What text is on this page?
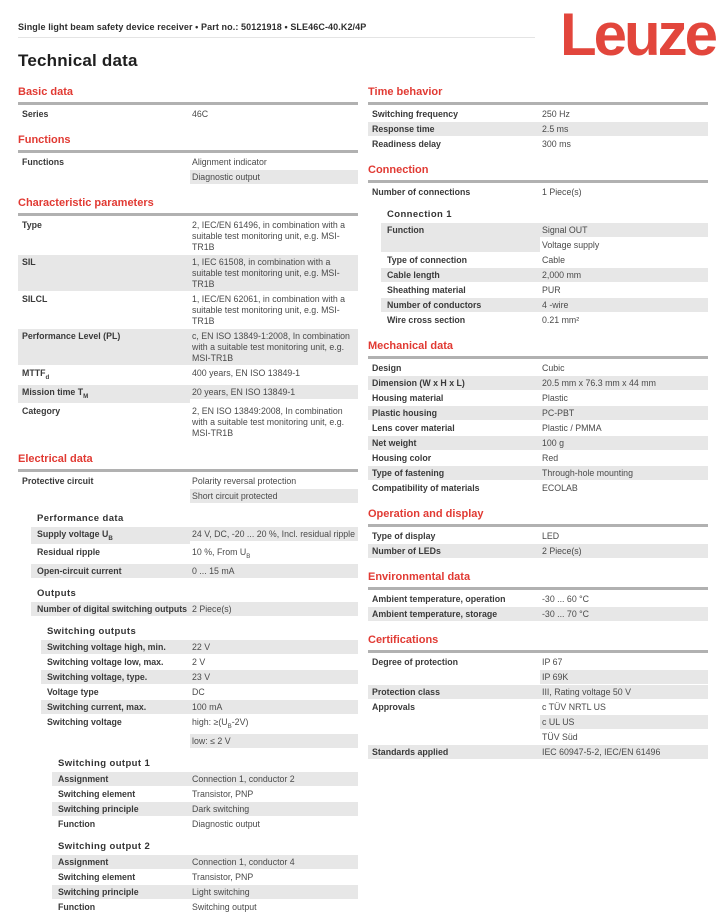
Single light beam safety device receiver • Part no.: 50121918 • SLE46C-40.K2/4P	Leuze
Technical data
Basic data
Series	46C
Functions
Functions	Alignment indicator
Diagnostic output
Characteristic parameters
Type	2, IEC/EN 61496, in combination with a suitable test monitoring unit, e.g. MSI-TR1B
SIL	1, IEC 61508, in combination with a suitable test monitoring unit, e.g. MSI-TR1B
SILCL	1, IEC/EN 62061, in combination with a suitable test monitoring unit, e.g. MSI-TR1B
Performance Level (PL)	c, EN ISO 13849-1:2008, In combination with a suitable test monitoring unit, e.g. MSI-TR1B
$MTTF_d$	400 years, EN ISO 13849-1
Mission time $T_M$	20 years, EN ISO 13849-1
Category	2, EN ISO 13849:2008, In combination with a suitable test monitoring unit, e.g. MSI-TR1B
Electrical data
Protective circuit	Polarity reversal protection
Short circuit protected
Performance data
Supply voltage $U_B$	24 V, DC, -20 ... 20 %, Incl. residual ripple
Residual ripple	10 %, From $U_B$
Open-circuit current	0 ... 15 mA
Outputs
Number of digital switching outputs 2 Piece(s)
Switching outputs
Switching voltage high, min.	22 V
Switching voltage low, max.	2 V
Switching voltage, type.	23 V
Voltage type	DC
Switching current, max.	100 mA
Switching voltage	high: $\ge(U_B-2V)$
low: ≤ 2 V
Switching output 1
Assignment	Connection 1, conductor 2
Switching element	Transistor, PNP
Switching principle	Dark switching
Function	Diagnostic output
Switching output 2
Assignment	Connection 1, conductor 4
Switching element	Transistor, PNP
Switching principle	Light switching
Function	Switching output
Time behavior
Switching frequency	250 Hz
Response time	2.5 ms
Readiness delay	300 ms
Connection
Number of connections	1 Piece(s)
Connection 1
Function	Signal OUT
Voltage supply
Type of connection	Cable
Cable length	2,000 mm
Sheathing material	PUR
Number of conductors	4 -wire
Wire cross section	0.21 mm²
Mechanical data
Design	Cubic
Dimension (W x H x L)	20.5 mm x 76.3 mm x 44 mm
Housing material	Plastic
Plastic housing	PC-PBT
Lens cover material	Plastic / PMMA
Net weight	100 g
Housing color	Red
Type of fastening	Through-hole mounting
Compatibility of materials	ECOLAB
Operation and display
Type of display	LED
Number of LEDs	2 Piece(s)
Environmental data
Ambient temperature, operation	-30 ... 60 °C
Ambient temperature, storage	-30 ... 70 °C
Certifications
Degree of protection	IP 67
IP 69K
Protection class	III, Rating voltage 50 V
Approvals	c TÜV NRTL US
c UL US
TÜV Süd
Standards applied	IEC 60947-5-2, IEC/EN 61496
